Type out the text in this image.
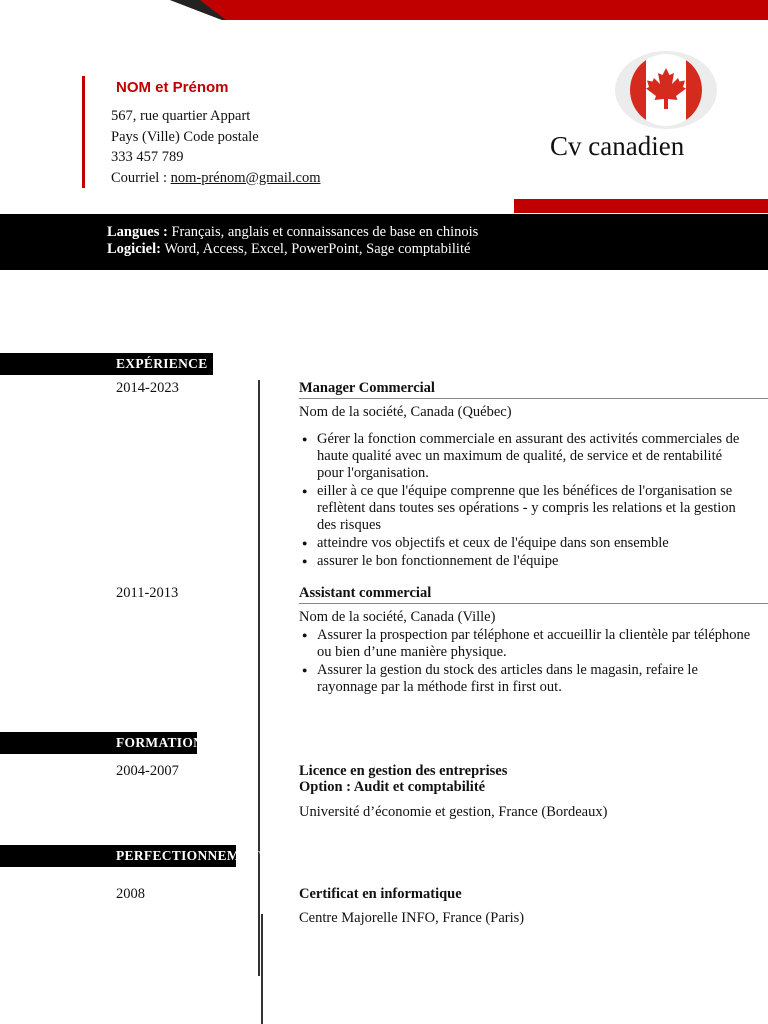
NOM et Prénom
567, rue quartier Appart
Pays (Ville) Code postale
333 457 789
Courriel : nom-prénom@gmail.com
Cv canadien
Langues : Français, anglais et connaissances de base en chinois
Logiciel: Word, Access, Excel, PowerPoint, Sage comptabilité
EXPÉRIENCE
2014-2023	Manager Commercial
Nom de la société, Canada (Québec)
● Gérer la fonction commerciale en assurant des activités commerciales de haute qualité avec un maximum de qualité, de service et de rentabilité pour l'organisation.
● eiller à ce que l'équipe comprenne que les bénéfices de l'organisation se reflètent dans toutes ses opérations - y compris les relations et la gestion des risques
● atteindre vos objectifs et ceux de l'équipe dans son ensemble
● assurer le bon fonctionnement de l'équipe
2011-2013	Assistant commercial
Nom de la société, Canada (Ville)
● Assurer la prospection par téléphone et accueillir la clientèle par téléphone ou bien d’une manière physique.
● Assurer la gestion du stock des articles dans le magasin, refaire le rayonnage par la méthode first in first out.
FORMATION
2004-2007	Licence en gestion des entreprises
Option : Audit et comptabilité
Université d’économie et gestion, France (Bordeaux)
PERFECTIONNEMENT
2008	Certificat en informatique
Centre Majorelle INFO, France (Paris)
